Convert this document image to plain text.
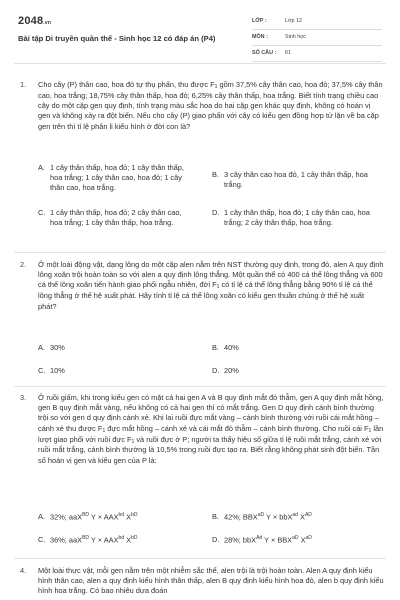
2048.vn
Bài tập Di truyền quần thể - Sinh học 12 có đáp án (P4)
LỚP :	Lớp 12
MÔN :	Sinh học
SỐ CÂU :	61
1.	Cho cây (P) thân cao, hoa đỏ tự thụ phấn, thu được $F_1$ gồm 37,5% cây thân cao, hoa đỏ; 37,5% cây thân cao, hoa trắng; 18,75% cây thân thấp, hoa đỏ; 6,25% cây thân thấp, hoa trắng. Biết tính trạng chiều cao cây do một cặp gen quy định, tính trạng màu sắc hoa do hai cặp gen khác quy định, không có hoán vị gen và không xảy ra đột biến. Nếu cho cây (P) giao phấn với cây có kiểu gen đồng hợp tử lặn về ba cặp gen trên thì tỉ lệ phân li kiểu hình ở đời con là?
A. 1 cây thân thấp, hoa đỏ; 1 cây thân thấp, hoa trắng; 1 cây thân cao, hoa đỏ; 1 cây thân cao, hoa trắng.
B. 3 cây thân cao hoa đỏ, 1 cây thân thấp, hoa trắng.
C. 1 cây thân thấp, hoa đỏ; 2 cây thân cao, hoa trắng; 1 cây thân thấp, hoa trắng.
D. 1 cây thân thấp, hoa đỏ; 1 cây thân cao, hoa trắng; 2 cây thân thấp, hoa trắng.
2.	Ở một loài động vật, dạng lông do một cặp alen nằm trên NST thường quy định, trong đó, alen A quy định lông xoăn trội hoàn toàn so với alen a quy định lông thẳng. Một quần thể có 400 cá thể lông thẳng và 600 cá thể lông xoăn tiến hành giao phối ngẫu nhiên, đời $F_1$ có tỉ lệ cá thể lông thẳng bằng 90% tỉ lệ cá thể lông thẳng ở thế hệ xuất phát. Hãy tính tỉ lệ cá thể lông xoăn có kiểu gen thuần chủng ở thế hệ xuất phát?
A. 30%	B. 40%
C. 10%	D. 20%
3.	Ở ruồi giấm, khi trong kiểu gen có mặt cả hai gen A và B quy định mắt đỏ thẫm, gen A quy định mắt hồng, gen B quy định mắt vàng, nếu không có cả hai gen thì có mắt trắng. Gen D quy định cánh bình thường trội so với gen d quy định cánh xẻ. Khi lai ruồi đực mắt vàng – cánh bình thường với ruồi cái mắt hồng – cánh xẻ thu được $F_1$ đực mắt hồng – cánh xẻ và cái mắt đỏ thẫm – cánh bình thường. Cho ruồi cái $F_1$ lần lượt giao phối với ruồi đực $F_1$ và ruồi đực ở P; người ta thấy hiệu số giữa tỉ lệ ruồi mắt trắng, cánh xẻ với ruồi mắt trắng, cánh bình thường là 10,5% trong ruồi đực tạo ra. Biết rằng không phát sinh đột biến. Tần số hoán vị gen và kiểu gen của P là:
A. 32%; aaX$^{BD}$ $Y \times AAX^{bd}$ $X^{bD}$	B. 42%; $BBX^{aD}$ Y × bbX$^{ad}$ $X^{AD}$
C. 36%; aaX$^{BD}$ $Y \times AAX^{bd}$ $X^{bD}$	D. 28%; bbX$^{Ad}$ $Y \times BBX^{aD}$ $X^{aD}$
4.	Một loài thực vật, mỗi gen nằm trên một nhiễm sắc thể, alen trội là trội hoàn toàn. Alen A quy định kiểu hình thân cao, alen a quy định kiểu hình thân thấp, alen B quy định kiểu hình hoa đỏ, alen b quy định kiểu hình hoa trắng. Có bao nhiêu dựa đoán
